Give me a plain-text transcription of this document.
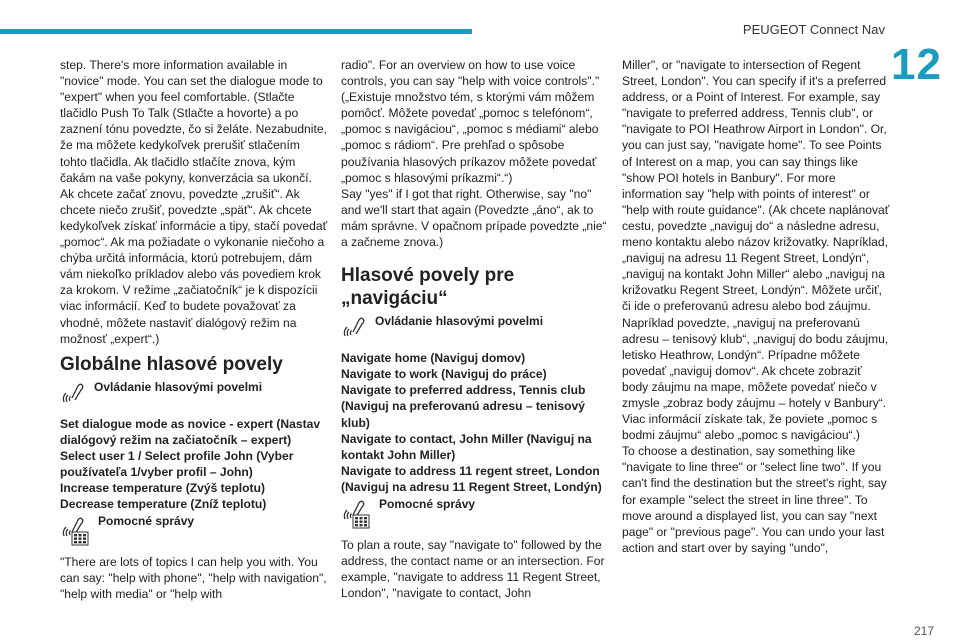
PEUGEOT Connect Nav
12

step. There's more information available in "novice" mode. You can set the dialogue mode to "expert" when you feel comfortable. (Stlačte tlačidlo Push To Talk (Stlačte a hovorte) a po zaznení tónu povedzte, čo si želáte. Nezabudnite, že ma môžete kedykoľvek prerušiť stlačením tohto tlačidla. Ak tlačidlo stlačíte znova, kým čakám na vaše pokyny, konverzácia sa ukončí. Ak chcete začať znovu, povedzte „zrušiť“. Ak chcete niečo zrušiť, povedzte „späť“. Ak chcete kedykoľvek získať informácie a tipy, stačí povedať „pomoc“. Ak ma požiadate o vykonanie niečoho a chýba určitá informácia, ktorú potrebujem, dám vám niekoľko príkladov alebo vás povediem krok za krokom. V režime „začiatočník“ je k dispozícii viac informácií. Keď to budete považovať za vhodné, môžete nastaviť dialógový režim na možnosť „expert“.)

Globálne hlasové povely
Ovládanie hlasovými povelmi

Set dialogue mode as novice - expert (Nastav dialógový režim na začiatočník – expert)
Select user 1 / Select profile John (Vyber používateľa 1/vyber profil – John)
Increase temperature (Zvýš teplotu)
Decrease temperature (Zníž teplotu)

Pomocné správy

"There are lots of topics I can help you with. You can say: "help with phone", "help with navigation", "help with media" or "help with

radio". For an overview on how to use voice controls, you can say "help with voice controls"." („Existuje množstvo tém, s ktorými vám môžem pomôcť. Môžete povedať „pomoc s telefónom“, „pomoc s navigáciou“, „pomoc s médiami“ alebo „pomoc s rádiom“. Pre prehľad o spôsobe používania hlasových príkazov môžete povedať „pomoc s hlasovými príkazmi“.“)
Say "yes" if I got that right. Otherwise, say "no" and we'll start that again (Povedzte „áno“, ak to mám správne. V opačnom prípade povedzte „nie“ a začneme znova.)

Hlasové povely pre „navigáciu“
Ovládanie hlasovými povelmi

Navigate home (Naviguj domov)
Navigate to work (Naviguj do práce)
Navigate to preferred address, Tennis club (Naviguj na preferovanú adresu – tenisový klub)
Navigate to contact, John Miller (Naviguj na kontakt John Miller)
Navigate to address 11 regent street, London (Naviguj na adresu 11 Regent Street, Londýn)

Pomocné správy

To plan a route, say "navigate to" followed by the address, the contact name or an intersection. For example, "navigate to address 11 Regent Street, London", "navigate to contact, John

Miller", or "navigate to intersection of Regent Street, London". You can specify if it's a preferred address, or a Point of Interest. For example, say "navigate to preferred address, Tennis club", or "navigate to POI Heathrow Airport in London". Or, you can just say, "navigate home". To see Points of Interest on a map, you can say things like "show POI hotels in Banbury". For more information say "help with points of interest" or "help with route guidance". (Ak chcete naplánovať cestu, povedzte „naviguj do“ a následne adresu, meno kontaktu alebo názov križovatky. Napríklad, „naviguj na adresu 11 Regent Street, Londýn“, „naviguj na kontakt John Miller“ alebo „naviguj na križovatku Regent Street, Londýn“. Môžete určiť, či ide o preferovanú adresu alebo bod záujmu. Napríklad povedzte, „naviguj na preferovanú adresu – tenisový klub“, „naviguj do bodu záujmu, letisko Heathrow, Londýn“. Prípadne môžete povedať „naviguj domov“. Ak chcete zobraziť body záujmu na mape, môžete povedať niečo v zmysle „zobraz body záujmu – hotely v Banbury“. Viac informácií získate tak, že poviete „pomoc s bodmi záujmu“ alebo „pomoc s navigáciou“.)
To choose a destination, say something like "navigate to line three" or "select line two". If you can't find the destination but the street's right, say for example "select the street in line three". To move around a displayed list, you can say "next page" or "previous page". You can undo your last action and start over by saying "undo",

217
